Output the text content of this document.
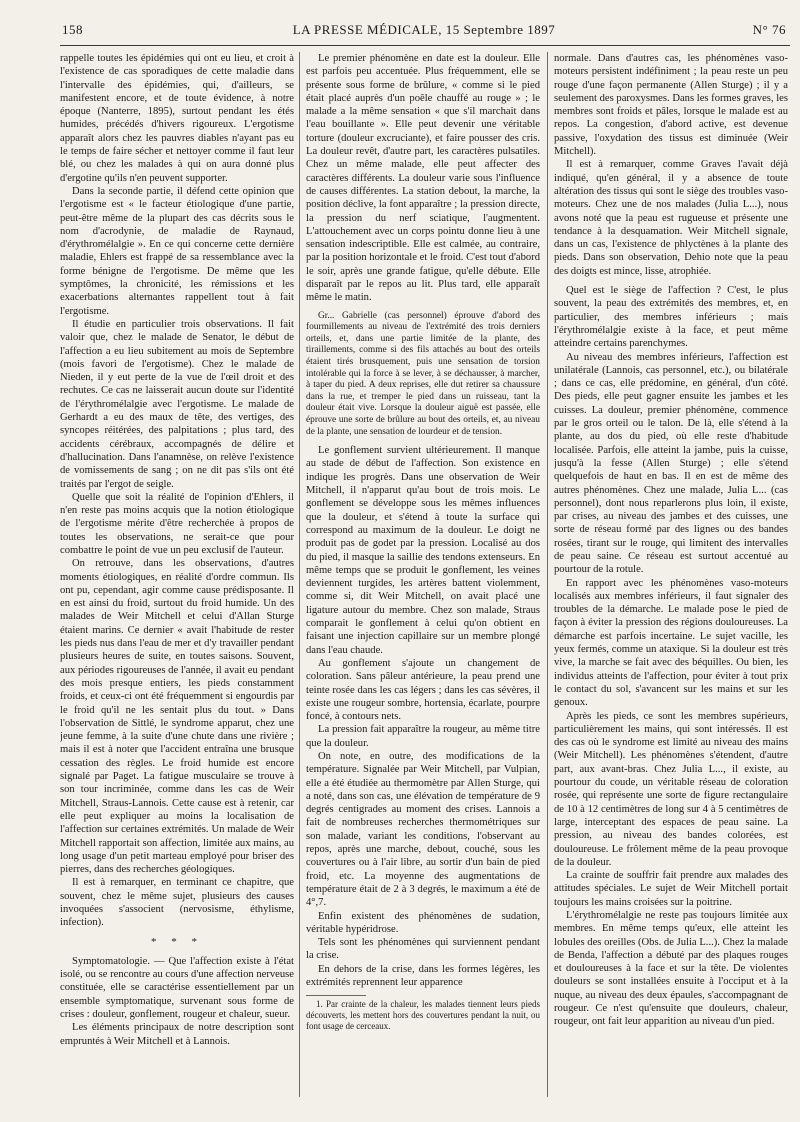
158	LA PRESSE MÉDICALE, 15 Septembre 1897	N° 76

rappelle toutes les épidémies qui ont eu lieu, et croit à l'existence de cas sporadiques de cette maladie dans l'intervalle des épidémies, qui, d'ailleurs, se manifestent encore, et de toute évidence, à notre époque (Nanterre, 1895), surtout pendant les étés humides, précédés d'hivers rigoureux. L'ergotisme apparaît alors chez les pauvres diables n'ayant pas eu le temps de faire sécher et nettoyer comme il faut leur blé, ou chez les malades à qui on aura donné plus d'ergotine qu'ils n'en peuvent supporter.

Dans la seconde partie, il défend cette opinion que l'ergotisme est « le facteur étiologique d'une partie, peut-être même de la plupart des cas décrits sous le nom d'acrodynie, de maladie de Raynaud, d'érythromélalgie ». En ce qui concerne cette dernière maladie, Ehlers est frappé de sa ressemblance avec la forme bénigne de l'ergotisme. De même que les symptômes, la chronicité, les rémissions et les exacerbations alternantes rappellent tout à fait l'ergotisme.

Il étudie en particulier trois observations. Il fait valoir que, chez le malade de Senator, le début de l'affection a eu lieu subitement au mois de Septembre (mois favori de l'ergotisme). Chez le malade de Nieden, il y eut perte de la vue de l'œil droit et des rechutes. Ce cas ne laisserait aucun doute sur l'identité de l'érythromélalgie avec l'ergotisme. Le malade de Gerhardt a eu des maux de tête, des vertiges, des syncopes réitérées, des palpitations ; plus tard, des accidents cérébraux, accompagnés de délire et d'hallucination. Dans l'anamnèse, on relève l'existence de vomissements de sang ; on ne dit pas s'ils ont été traités par l'ergot de seigle.

Quelle que soit la réalité de l'opinion d'Ehlers, il n'en reste pas moins acquis que la notion étiologique de l'ergotisme mérite d'être recherchée à propos de toutes les observations, ne serait-ce que pour combattre le point de vue un peu exclusif de l'auteur.

On retrouve, dans les observations, d'autres moments étiologiques, en réalité d'ordre commun. Ils ont pu, cependant, agir comme cause prédisposante. Il en est ainsi du froid, surtout du froid humide. Un des malades de Weir Mitchell et celui d'Allan Sturge étaient marins. Ce dernier « avait l'habitude de rester les pieds nus dans l'eau de mer et d'y travailler pendant plusieurs heures de suite, en toutes saisons. Souvent, aux périodes rigoureuses de l'année, il avait eu pendant des mois presque entiers, les pieds constamment froids, et ceux-ci ont été fréquemment si engourdis par le froid qu'il ne les sentait plus du tout. » Dans l'observation de Sittlé, le syndrome apparut, chez une jeune femme, à la suite d'une chute dans une rivière ; mais il est à noter que l'accident entraîna une brusque cessation des règles. Le froid humide est encore signalé par Paget. La fatigue musculaire se trouve à son tour incriminée, comme dans les cas de Weir Mitchell, Straus-Lannois. Cette cause est à retenir, car elle peut expliquer au moins la localisation de l'affection sur certaines extrémités. Un malade de Weir Mitchell rapportait son affection, limitée aux mains, au long usage d'un petit marteau employé pour briser des pierres, dans des recherches géologiques.

Il est à remarquer, en terminant ce chapitre, que souvent, chez le même sujet, plusieurs des causes invoquées s'associent (nervosisme, éthylisme, infection).

* * *

Symptomatologie. — Que l'affection existe à l'état isolé, ou se rencontre au cours d'une affection nerveuse constituée, elle se caractérise essentiellement par un ensemble symptomatique, survenant sous forme de crises : douleur, gonflement, rougeur et chaleur, sueur.

Les éléments principaux de notre description sont empruntés à Weir Mitchell et à Lannois.

Le premier phénomène en date est la douleur. Elle est parfois peu accentuée. Plus fréquemment, elle se présente sous forme de brûlure, « comme si le pied était placé auprès d'un poêle chauffé au rouge » ; le malade a la même sensation « que s'il marchait dans l'eau bouillante ». Elle peut devenir une véritable torture (douleur excruciante), et faire pousser des cris. La douleur revêt, d'autre part, les caractères pulsatiles. Chez un même malade, elle peut affecter des caractères différents. La douleur varie sous l'influence de causes différentes. La station debout, la marche, la position déclive, la font apparaître ; la pression directe, la pression du nerf sciatique, l'augmentent. L'attouchement avec un corps pointu donne lieu à une sensation indescriptible. Elle est calmée, au contraire, par la position horizontale et le froid. C'est tout d'abord le soir, après une grande fatigue, qu'elle débute. Elle disparaît par le repos au lit. Plus tard, elle apparaît même le matin.

Gr... Gabrielle (cas personnel) éprouve d'abord des fourmillements au niveau de l'extrémité des trois derniers orteils, et, dans une partie limitée de la plante, des tiraillements, comme si des fils attachés au bout des orteils étaient tirés brusquement, puis une sensation de torsion intolérable qui la force à se lever, à se déchausser, à marcher, à taper du pied. A deux reprises, elle dut retirer sa chaussure dans la rue, et tremper le pied dans un ruisseau, tant la douleur était vive. Lorsque la douleur aiguë est passée, elle éprouve une sorte de brûlure au bout des orteils, et, au niveau de la plante, une sensation de lourdeur et de tension.

Le gonflement survient ultérieurement. Il manque au stade de début de l'affection. Son existence en indique les progrès. Dans une observation de Weir Mitchell, il n'apparut qu'au bout de trois mois. Le gonflement se développe sous les mêmes influences que la douleur, et s'étend à toute la surface qui correspond au maximum de la douleur. Le doigt ne produit pas de godet par la pression. Localisé au dos du pied, il masque la saillie des tendons extenseurs. En même temps que se produit le gonflement, les veines deviennent turgides, les artères battent violemment, comme si, dit Weir Mitchell, on avait placé une ligature autour du membre. Chez son malade, Straus comparait le gonflement à celui qu'on obtient en faisant une injection capillaire sur un membre plongé dans l'eau chaude.

Au gonflement s'ajoute un changement de coloration. Sans pâleur antérieure, la peau prend une teinte rosée dans les cas légers ; dans les cas sévères, il existe une rougeur sombre, hortensia, écarlate, pourpre foncé, à contours nets.

La pression fait apparaître la rougeur, au même titre que la douleur.

On note, en outre, des modifications de la température. Signalée par Weir Mitchell, par Vulpian, elle a été étudiée au thermomètre par Allen Sturge, qui a noté, dans son cas, une élévation de température de 9 degrés centigrades au moment des crises. Lannois a fait de nombreuses recherches thermométriques sur son malade, variant les conditions, l'observant au repos, après une marche, debout, couché, sous les couvertures ou à l'air libre, au sortir d'un bain de pied froid, etc. La moyenne des augmentations de température était de 2 à 3 degrés, le maximum a été de 4°,7.

Enfin existent des phénomènes de sudation, véritable hypéridrose.

Tels sont les phénomènes qui surviennent pendant la crise.

En dehors de la crise, dans les formes légères, les extrémités reprennent leur apparence

1. Par crainte de la chaleur, les malades tiennent leurs pieds découverts, les mettent hors des couvertures pendant la nuit, ou font usage de cerceaux.

normale. Dans d'autres cas, les phénomènes vaso-moteurs persistent indéfiniment ; la peau reste un peu rouge d'une façon permanente (Allen Sturge) ; il y a seulement des paroxysmes. Dans les formes graves, les membres sont froids et pâles, lorsque le malade est au repos. La congestion, d'abord active, est devenue passive, l'oxydation des tissus est diminuée (Weir Mitchell).

Il est à remarquer, comme Graves l'avait déjà indiqué, qu'en général, il y a absence de toute altération des tissus qui sont le siège des troubles vaso-moteurs. Chez une de nos malades (Julia L...), nous avons noté que la peau est rugueuse et présente une tendance à la desquamation. Weir Mitchell signale, dans un cas, l'existence de phlyctènes à la plante des pieds. Dans son observation, Dehio note que la peau des doigts est mince, lisse, atrophiée.

Quel est le siège de l'affection ? C'est, le plus souvent, la peau des extrémités des membres, et, en particulier, des membres inférieurs ; mais l'érythromélalgie existe à la face, et peut même atteindre certains parenchymes.

Au niveau des membres inférieurs, l'affection est unilatérale (Lannois, cas personnel, etc.), ou bilatérale ; dans ce cas, elle prédomine, en général, d'un côté. Des pieds, elle peut gagner ensuite les jambes et les cuisses. La douleur, premier phénomène, commence par le gros orteil ou le talon. De là, elle s'étend à la plante, au dos du pied, où elle reste d'habitude localisée. Parfois, elle atteint la jambe, puis la cuisse, jusqu'à la fesse (Allen Sturge) ; elle s'étend quelquefois de haut en bas. Il en est de même des autres phénomènes. Chez une malade, Julia L... (cas personnel), dont nous reparlerons plus loin, il existe, par crises, au niveau des jambes et des cuisses, une sorte de réseau formé par des lignes ou des bandes rosées, tirant sur le rouge, qui limitent des intervalles de peau saine. Ce réseau est surtout accentué au pourtour de la rotule.

En rapport avec les phénomènes vaso-moteurs localisés aux membres inférieurs, il faut signaler des troubles de la démarche. Le malade pose le pied de façon à éviter la pression des régions douloureuses. La démarche est parfois incertaine. Le sujet vacille, les yeux fermés, comme un ataxique. Si la douleur est très vive, la marche se fait avec des béquilles. Ou bien, les individus atteints de l'affection, pour éviter à tout prix le contact du sol, s'avancent sur les mains et sur les genoux.

Après les pieds, ce sont les membres supérieurs, particulièrement les mains, qui sont intéressés. Il est des cas où le syndrome est limité au niveau des mains (Weir Mitchell). Les phénomènes s'étendent, d'autre part, aux avant-bras. Chez Julia L..., il existe, au pourtour du coude, un véritable réseau de coloration rosée, qui représente une sorte de figure rectangulaire de 10 à 12 centimètres de long sur 4 à 5 centimètres de large, interceptant des espaces de peau saine. La pression, au niveau des bandes colorées, est douloureuse. Le frôlement même de la peau provoque de la douleur.

La crainte de souffrir fait prendre aux malades des attitudes spéciales. Le sujet de Weir Mitchell portait toujours les mains croisées sur la poitrine.

L'érythromélalgie ne reste pas toujours limitée aux membres. En même temps qu'eux, elle atteint les lobules des oreilles (Obs. de Julia L...). Chez la malade de Benda, l'affection a débuté par des plaques rouges et douloureuses à la face et sur la tête. De violentes douleurs se sont installées ensuite à l'occiput et à la nuque, au niveau des deux épaules, s'accompagnant de rougeur. Ce n'est qu'ensuite que douleurs, chaleur, rougeur, ont fait leur apparition au niveau d'un pied.
